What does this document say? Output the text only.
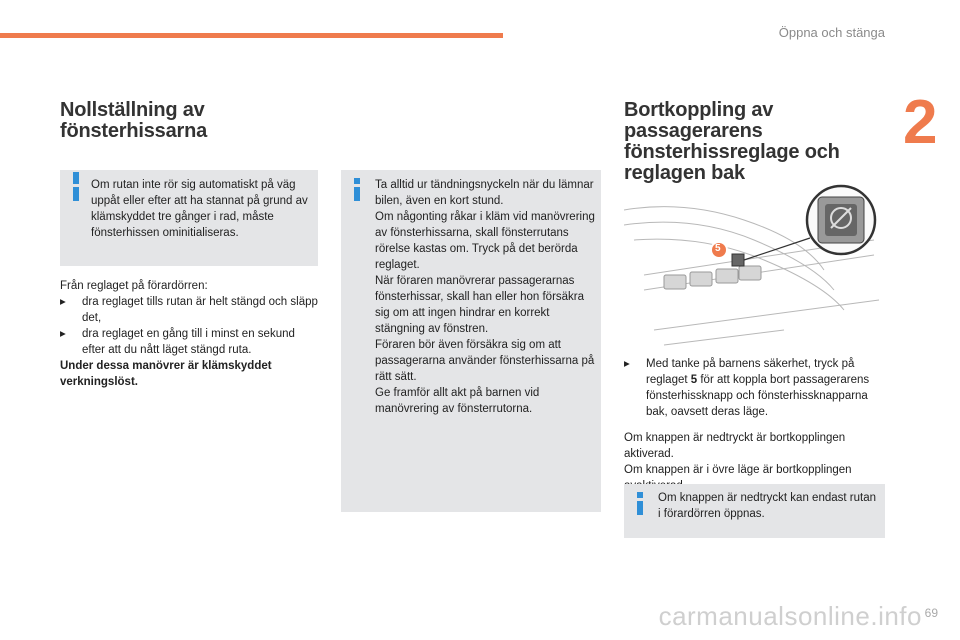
Öppna och stänga
2
Nollställning av fönsterhissarna

Om rutan inte rör sig automatiskt på väg uppåt eller efter att ha stannat på grund av klämskyddet tre gånger i rad, måste fönsterhissen ominitialiseras.

Från reglaget på förardörren:

▸ dra reglaget tills rutan är helt stängd och släpp det,

▸ dra reglaget en gång till i minst en sekund efter att du nått läget stängd ruta.

Under dessa manövrer är klämskyddet verkningslöst.

Ta alltid ur tändningsnyckeln när du lämnar bilen, även en kort stund.
Om någonting råkar i kläm vid manövrering av fönsterhissarna, skall fönsterrutans rörelse kastas om. Tryck på det berörda reglaget.
När föraren manövrerar passagerarnas fönsterhissar, skall han eller hon försäkra sig om att ingen hindrar en korrekt stängning av fönstren.
Föraren bör även försäkra sig om att passagerarna använder fönsterhissarna på rätt sätt.
Ge framför allt akt på barnen vid manövrering av fönsterrutorna.

Bortkoppling av passagerarens fönsterhissreglage och reglagen bak
5

▸ Med tanke på barnens säkerhet, tryck på reglaget 5 för att koppla bort passagerarens fönsterhissknapp och fönsterhissknapparna bak, oavsett deras läge.

Om knappen är nedtryckt är bortkopplingen aktiverad.
Om knappen är i övre läge är bortkopplingen

Om knappen är nedtryckt kan endast rutan i förardörren öppnas.

69
carmanualsonline.info
